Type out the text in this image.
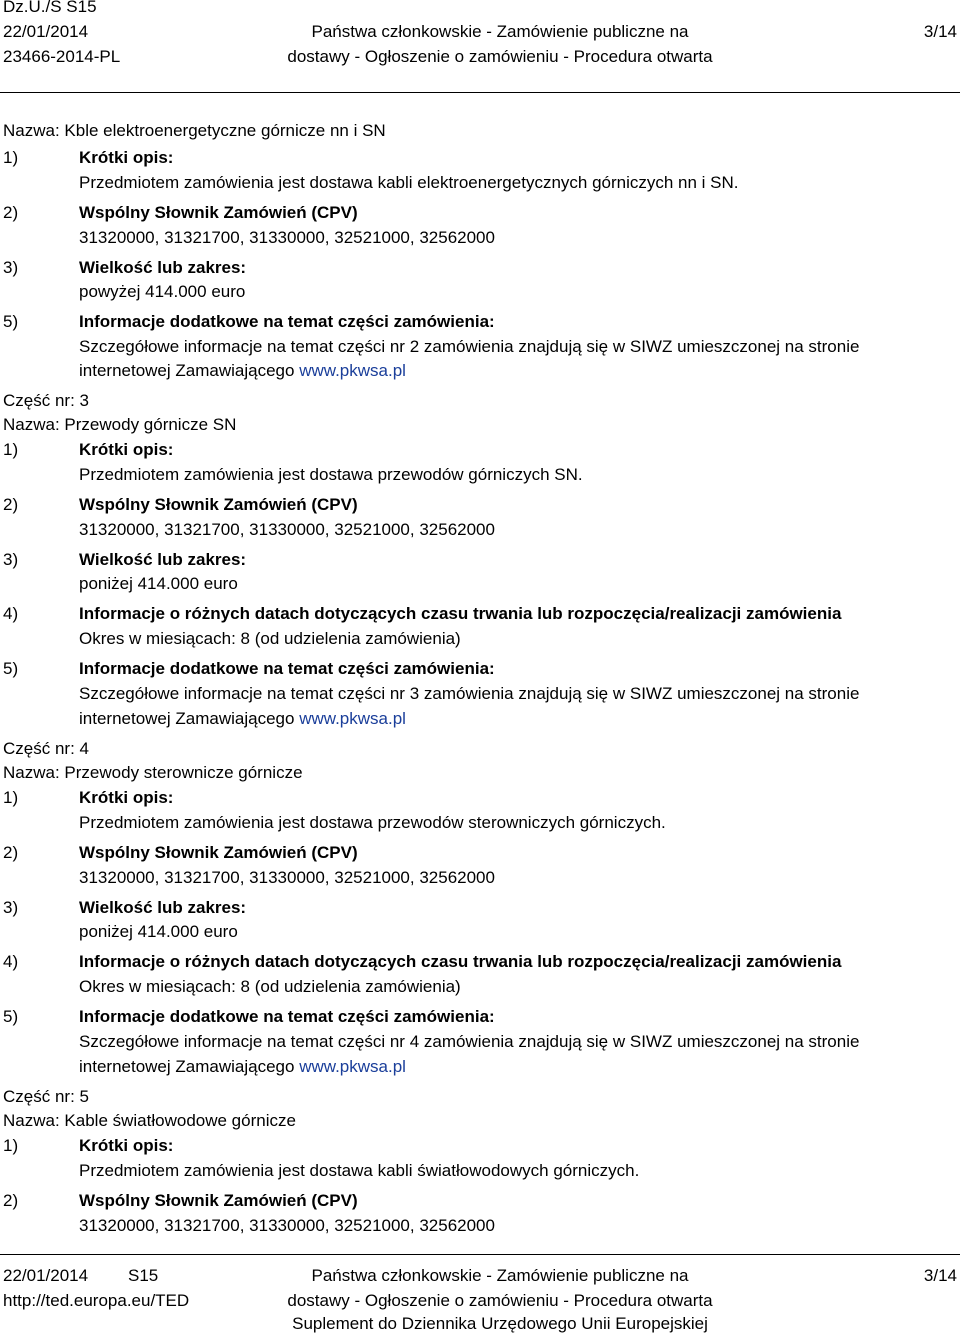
Dz.U./S S15
22/01/2014
23466-2014-PL
Państwa członkowskie - Zamówienie publiczne na
dostawy - Ogłoszenie o zamówieniu - Procedura otwarta
3/14
Nazwa: Kble elektroenergetyczne górnicze nn i SN
1)	Krótki opis:
Przedmiotem zamówienia jest dostawa kabli elektroenergetycznych górniczych nn i SN.
2)	Wspólny Słownik Zamówień (CPV)
31320000, 31321700, 31330000, 32521000, 32562000
3)	Wielkość lub zakres:
powyżej 414.000 euro
5)	Informacje dodatkowe na temat części zamówienia:
Szczegółowe informacje na temat części nr 2 zamówienia znajdują się w SIWZ umieszczonej na stronie
internetowej Zamawiającego www.pkwsa.pl
Część nr: 3
Nazwa: Przewody górnicze SN
1)	Krótki opis:
Przedmiotem zamówienia jest dostawa przewodów górniczych SN.
2)	Wspólny Słownik Zamówień (CPV)
31320000, 31321700, 31330000, 32521000, 32562000
3)	Wielkość lub zakres:
poniżej 414.000 euro
4)	Informacje o różnych datach dotyczących czasu trwania lub rozpoczęcia/realizacji zamówienia
Okres w miesiącach: 8 (od udzielenia zamówienia)
5)	Informacje dodatkowe na temat części zamówienia:
Szczegółowe informacje na temat części nr 3 zamówienia znajdują się w SIWZ umieszczonej na stronie
internetowej Zamawiającego www.pkwsa.pl
Część nr: 4
Nazwa: Przewody sterownicze górnicze
1)	Krótki opis:
Przedmiotem zamówienia jest dostawa przewodów sterowniczych górniczych.
2)	Wspólny Słownik Zamówień (CPV)
31320000, 31321700, 31330000, 32521000, 32562000
3)	Wielkość lub zakres:
poniżej 414.000 euro
4)	Informacje o różnych datach dotyczących czasu trwania lub rozpoczęcia/realizacji zamówienia
Okres w miesiącach: 8 (od udzielenia zamówienia)
5)	Informacje dodatkowe na temat części zamówienia:
Szczegółowe informacje na temat części nr 4 zamówienia znajdują się w SIWZ umieszczonej na stronie
internetowej Zamawiającego www.pkwsa.pl
Część nr: 5
Nazwa: Kable światłowodowe górnicze
1)	Krótki opis:
Przedmiotem zamówienia jest dostawa kabli światłowodowych górniczych.
2)	Wspólny Słownik Zamówień (CPV)
31320000, 31321700, 31330000, 32521000, 32562000
22/01/2014 S15
http://ted.europa.eu/TED
Państwa członkowskie - Zamówienie publiczne na
dostawy - Ogłoszenie o zamówieniu - Procedura otwarta
Suplement do Dziennika Urzędowego Unii Europejskiej
3/14
